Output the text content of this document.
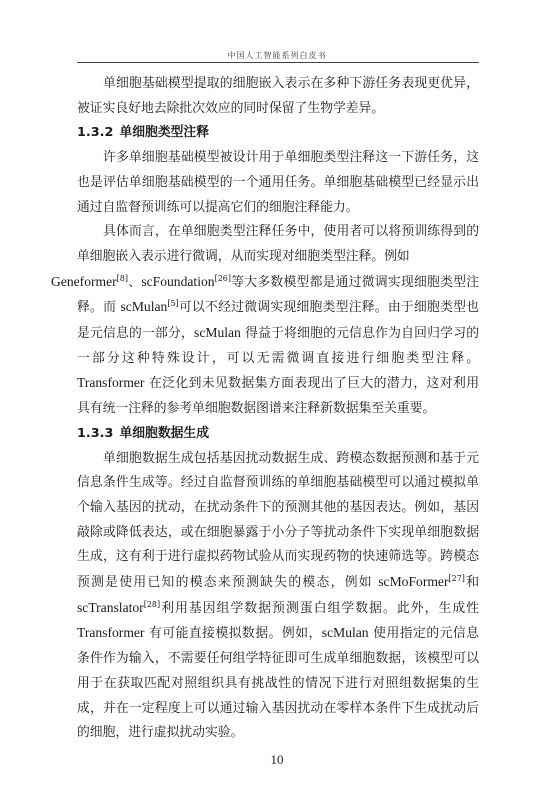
中国人工智能系列白皮书

单细胞基础模型提取的细胞嵌入表示在多种下游任务表现更优异，被证实良好地去除批次效应的同时保留了生物学差异。

1.3.2 单细胞类型注释

许多单细胞基础模型被设计用于单细胞类型注释这一下游任务，这也是评估单细胞基础模型的一个通用任务。单细胞基础模型已经显示出通过自监督预训练可以提高它们的细胞注释能力。

具体而言，在单细胞类型注释任务中，使用者可以将预训练得到的单细胞嵌入表示进行微调，从而实现对细胞类型注释。例如
Geneformer[8]、scFoundation[26]等大多数模型都是通过微调实现细胞类型注释。而 scMulan[5]可以不经过微调实现细胞类型注释。由于细胞类型也是元信息的一部分，scMulan 得益于将细胞的元信息作为自回归学习的一部分这种特殊设计，可以无需微调直接进行细胞类型注释。Transformer 在泛化到未见数据集方面表现出了巨大的潜力，这对利用具有统一注释的参考单细胞数据图谱来注释新数据集至关重要。

1.3.3 单细胞数据生成

单细胞数据生成包括基因扰动数据生成、跨模态数据预测和基于元信息条件生成等。经过自监督预训练的单细胞基础模型可以通过模拟单个输入基因的扰动，在扰动条件下的预测其他的基因表达。例如，基因敲除或降低表达，或在细胞暴露于小分子等扰动条件下实现单细胞数据生成，这有利于进行虚拟药物试验从而实现药物的快速筛选等。跨模态预测是使用已知的模态来预测缺失的模态，例如 scMoFormer[27]和 scTranslator[28]利用基因组学数据预测蛋白组学数据。此外，生成性 Transformer 有可能直接模拟数据。例如，scMulan 使用指定的元信息条件作为输入，不需要任何组学特征即可生成单细胞数据，该模型可以用于在获取匹配对照组织具有挑战性的情况下进行对照组数据集的生成，并在一定程度上可以通过输入基因扰动在零样本条件下生成扰动后的细胞，进行虚拟扰动实验。

10
